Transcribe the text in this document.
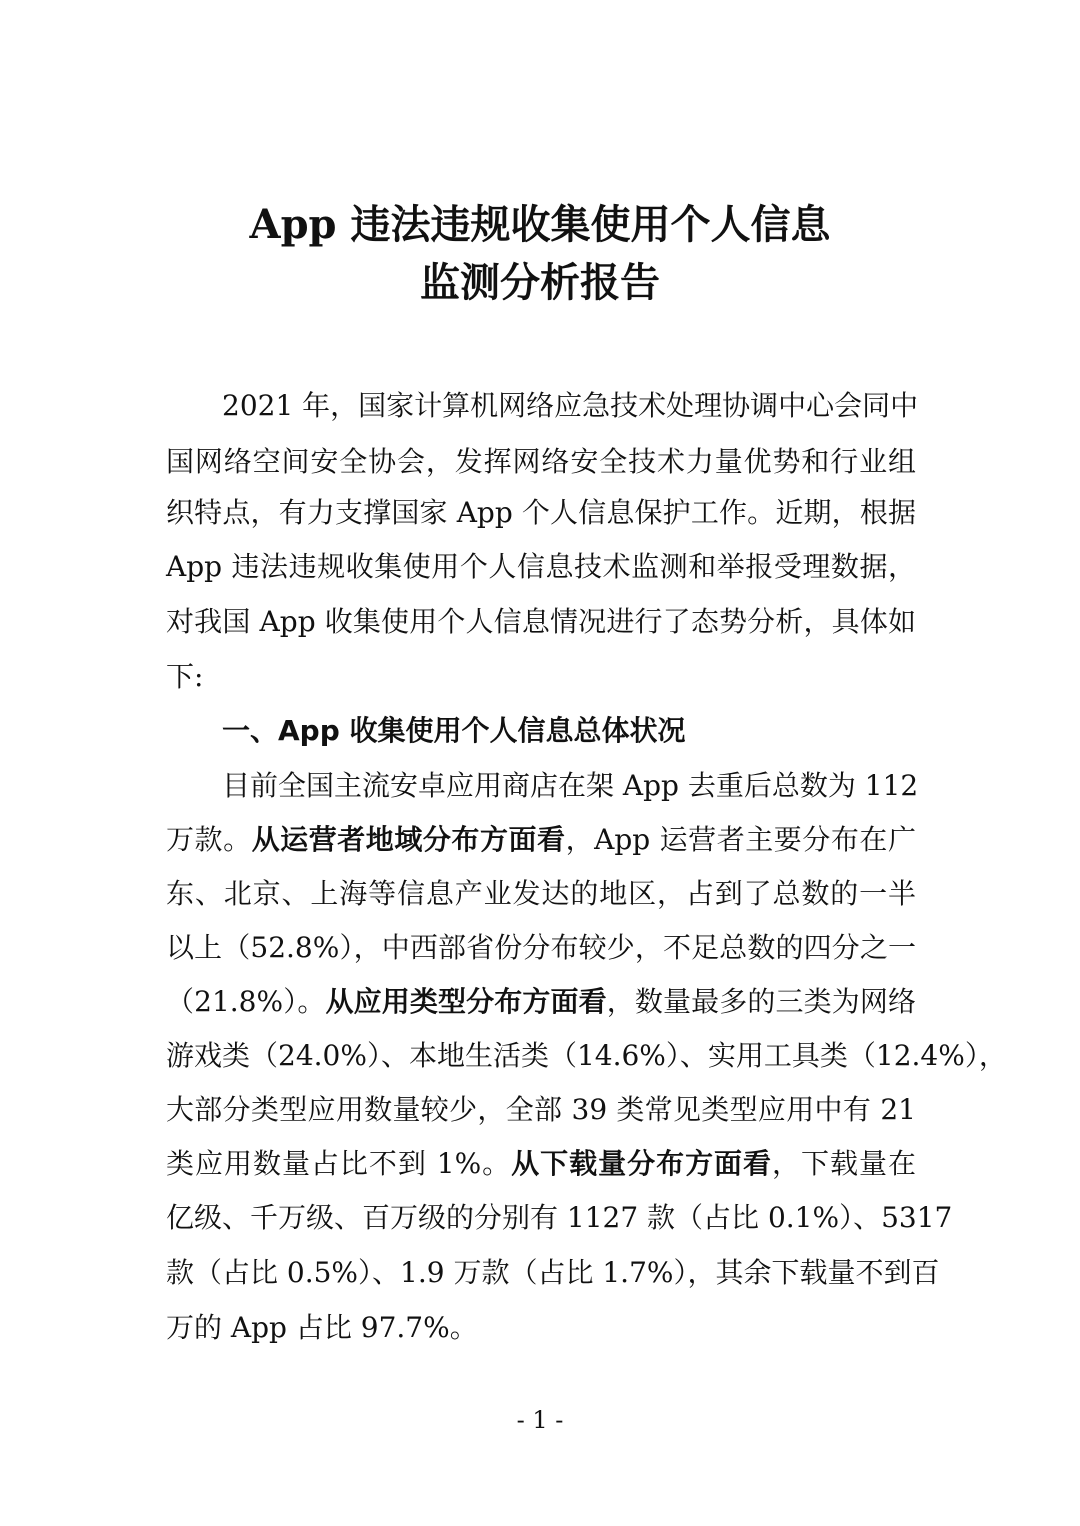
App 违法违规收集使用个人信息
监测分析报告
2021 年，国家计算机网络应急技术处理协调中心会同中
国网络空间安全协会，发挥网络安全技术力量优势和行业组
织特点，有力支撑国家 App 个人信息保护工作。近期，根据
App 违法违规收集使用个人信息技术监测和举报受理数据，
对我国 App 收集使用个人信息情况进行了态势分析，具体如
下:
一、App 收集使用个人信息总体状况
目前全国主流安卓应用商店在架 App 去重后总数为 112
万款。从运营者地域分布方面看，App 运营者主要分布在广
东、北京、上海等信息产业发达的地区，占到了总数的一半
以上（52.8%），中西部省份分布较少，不足总数的四分之一
（21.8%）。从应用类型分布方面看，数量最多的三类为网络
游戏类（24.0%）、本地生活类（14.6%）、实用工具类（12.4%），
大部分类型应用数量较少，全部 39 类常见类型应用中有 21
类应用数量占比不到 1%。从下载量分布方面看，下载量在
亿级、千万级、百万级的分别有 1127 款（占比 0.1%）、5317
款（占比 0.5%）、1.9 万款（占比 1.7%），其余下载量不到百
万的 App 占比 97.7%。
- 1 -
